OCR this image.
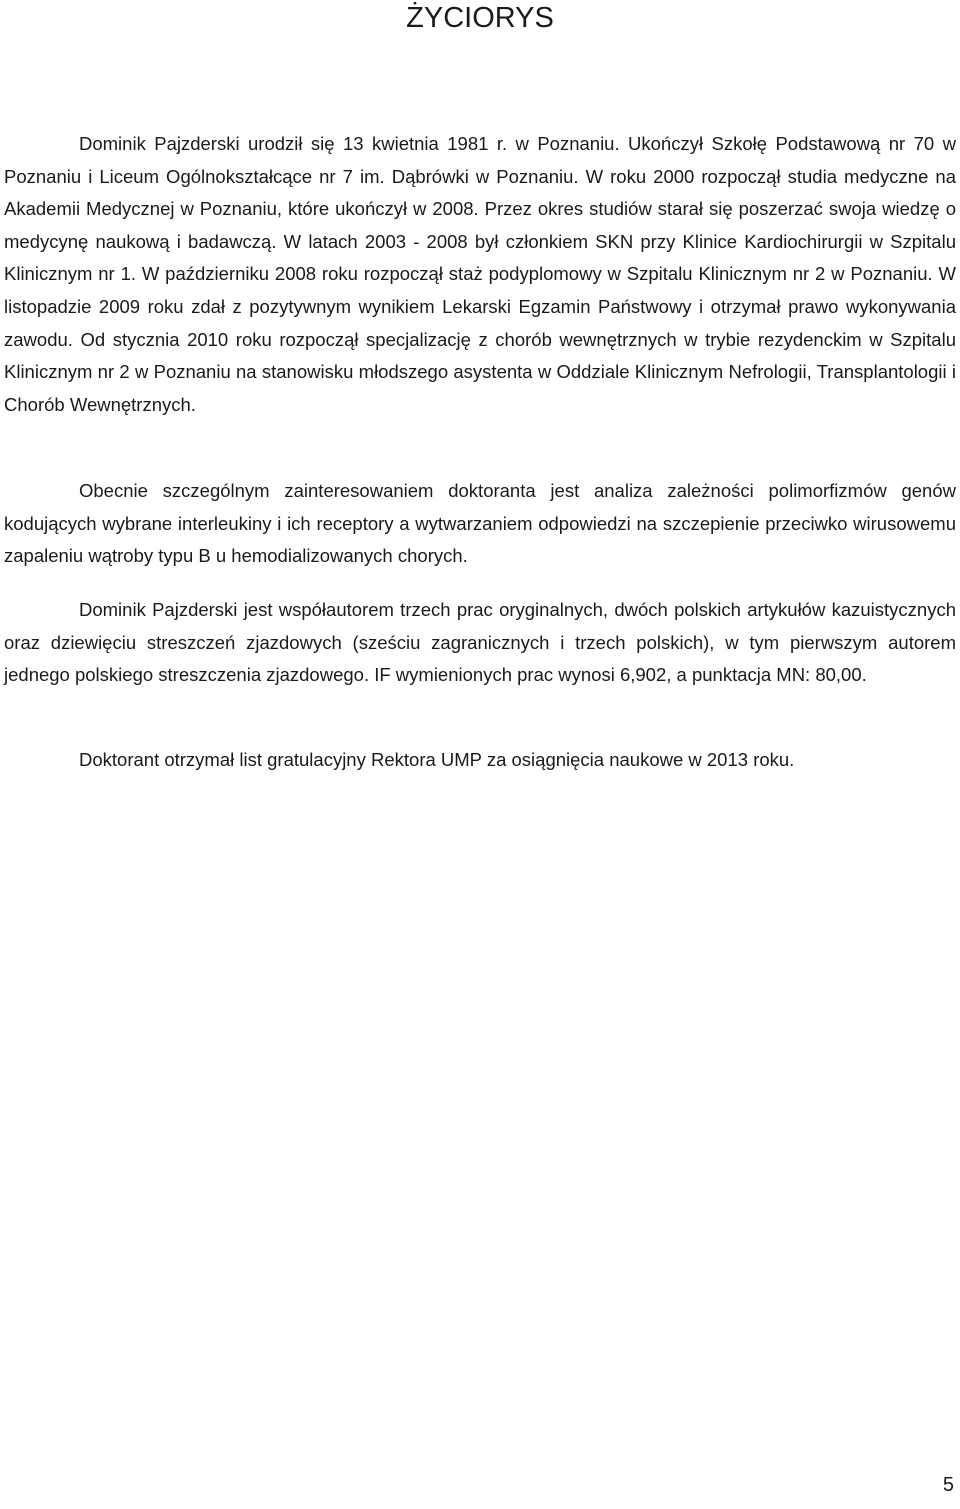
ŻYCIORYS

Dominik Pajzderski urodził się 13 kwietnia 1981 r. w Poznaniu. Ukończył Szkołę Podstawową nr 70 w Poznaniu i Liceum Ogólnokształcące nr 7 im. Dąbrówki w Poznaniu. W roku 2000 rozpoczął studia medyczne na Akademii Medycznej w Poznaniu, które ukończył w 2008. Przez okres studiów starał się poszerzać swoja wiedzę o medycynę naukową i badawczą. W latach 2003 - 2008 był członkiem SKN przy Klinice Kardiochirurgii w Szpitalu Klinicznym nr 1. W październiku 2008 roku rozpoczął staż podyplomowy w Szpitalu Klinicznym nr 2 w Poznaniu. W listopadzie 2009 roku zdał z pozytywnym wynikiem Lekarski Egzamin Państwowy i otrzymał prawo wykonywania zawodu. Od stycznia 2010 roku rozpoczął specjalizację z chorób wewnętrznych w trybie rezydenckim w Szpitalu Klinicznym nr 2 w Poznaniu na stanowisku młodszego asystenta w Oddziale Klinicznym Nefrologii, Transplantologii i Chorób Wewnętrznych.

Obecnie szczególnym zainteresowaniem doktoranta jest analiza zależności polimorfizmów genów kodujących wybrane interleukiny i ich receptory a wytwarzaniem odpowiedzi na szczepienie przeciwko wirusowemu zapaleniu wątroby typu B u hemodializowanych chorych.

Dominik Pajzderski jest współautorem trzech prac oryginalnych, dwóch polskich artykułów kazuistycznych oraz dziewięciu streszczeń zjazdowych (sześciu zagranicznych i trzech polskich), w tym pierwszym autorem jednego polskiego streszczenia zjazdowego. IF wymienionych prac wynosi 6,902, a punktacja MN: 80,00.

Doktorant otrzymał list gratulacyjny Rektora UMP za osiągnięcia naukowe w 2013 roku.

5
